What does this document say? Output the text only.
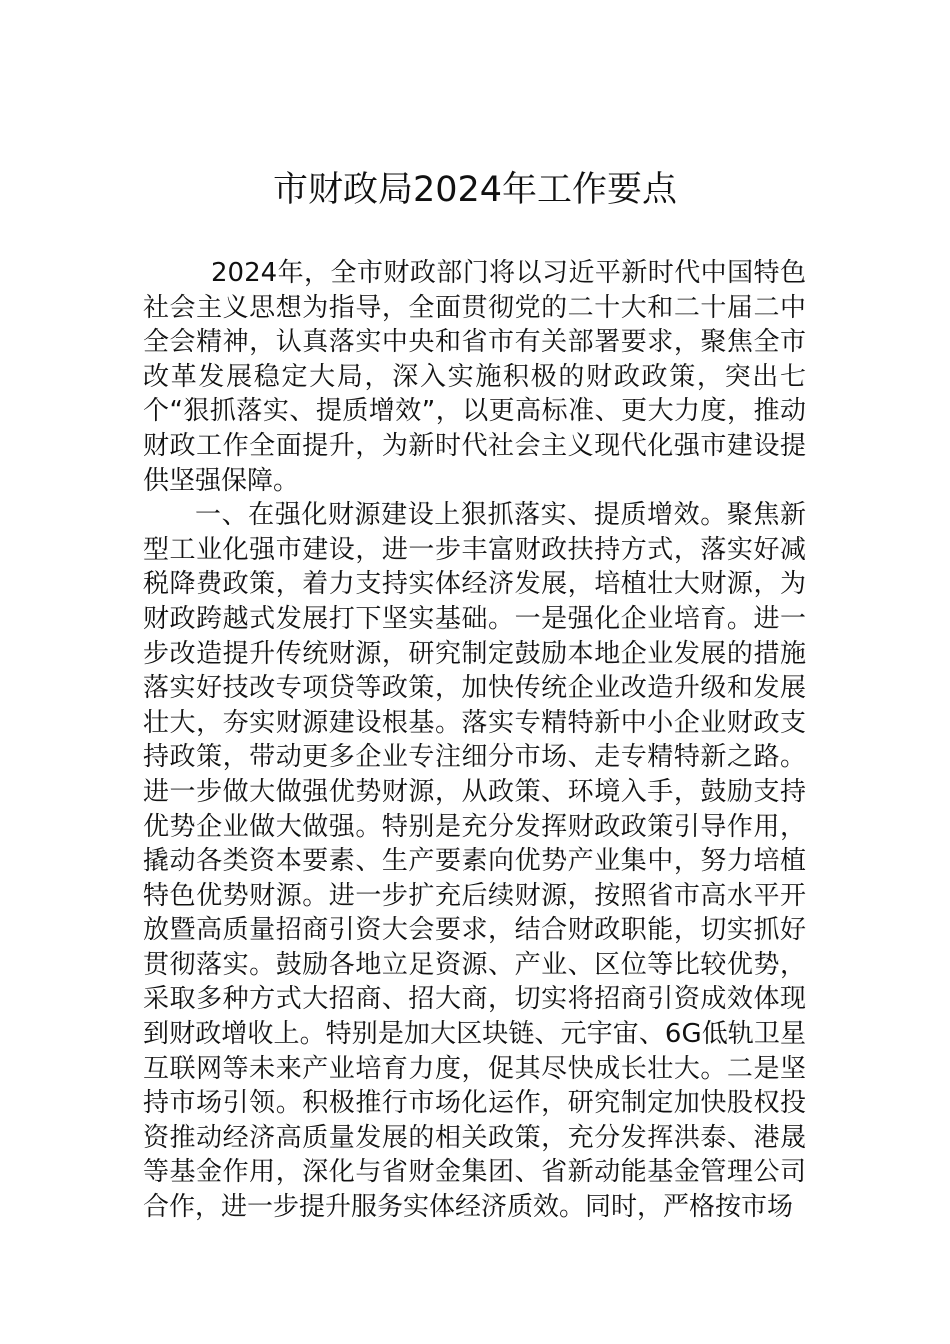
市财政局2024年工作要点

2024年，全市财政部门将以习近平新时代中国特色社会主义思想为指导，全面贯彻党的二十大和二十届二中全会精神，认真落实中央和省市有关部署要求，聚焦全市改革发展稳定大局，深入实施积极的财政政策，突出七个“狠抓落实、提质增效”，以更高标准、更大力度，推动财政工作全面提升，为新时代社会主义现代化强市建设提供坚强保障。

一、在强化财源建设上狠抓落实、提质增效。聚焦新型工业化强市建设，进一步丰富财政扶持方式，落实好减税降费政策，着力支持实体经济发展，培植壮大财源，为财政跨越式发展打下坚实基础。一是强化企业培育。进一步改造提升传统财源，研究制定鼓励本地企业发展的措施落实好技改专项贷等政策，加快传统企业改造升级和发展壮大，夯实财源建设根基。落实专精特新中小企业财政支持政策，带动更多企业专注细分市场、走专精特新之路。进一步做大做强优势财源，从政策、环境入手，鼓励支持优势企业做大做强。特别是充分发挥财政政策引导作用，撬动各类资本要素、生产要素向优势产业集中，努力培植特色优势财源。进一步扩充后续财源，按照省市高水平开放暨高质量招商引资大会要求，结合财政职能，切实抓好贯彻落实。鼓励各地立足资源、产业、区位等比较优势，采取多种方式大招商、招大商，切实将招商引资成效体现到财政增收上。特别是加大区块链、元宇宙、6G低轨卫星互联网等未来产业培育力度，促其尽快成长壮大。二是坚持市场引领。积极推行市场化运作，研究制定加快股权投资推动经济高质量发展的相关政策，充分发挥洪泰、港晟等基金作用，深化与省财金集团、省新动能基金管理公司合作，进一步提升服务实体经济质效。同时，严格按市场
